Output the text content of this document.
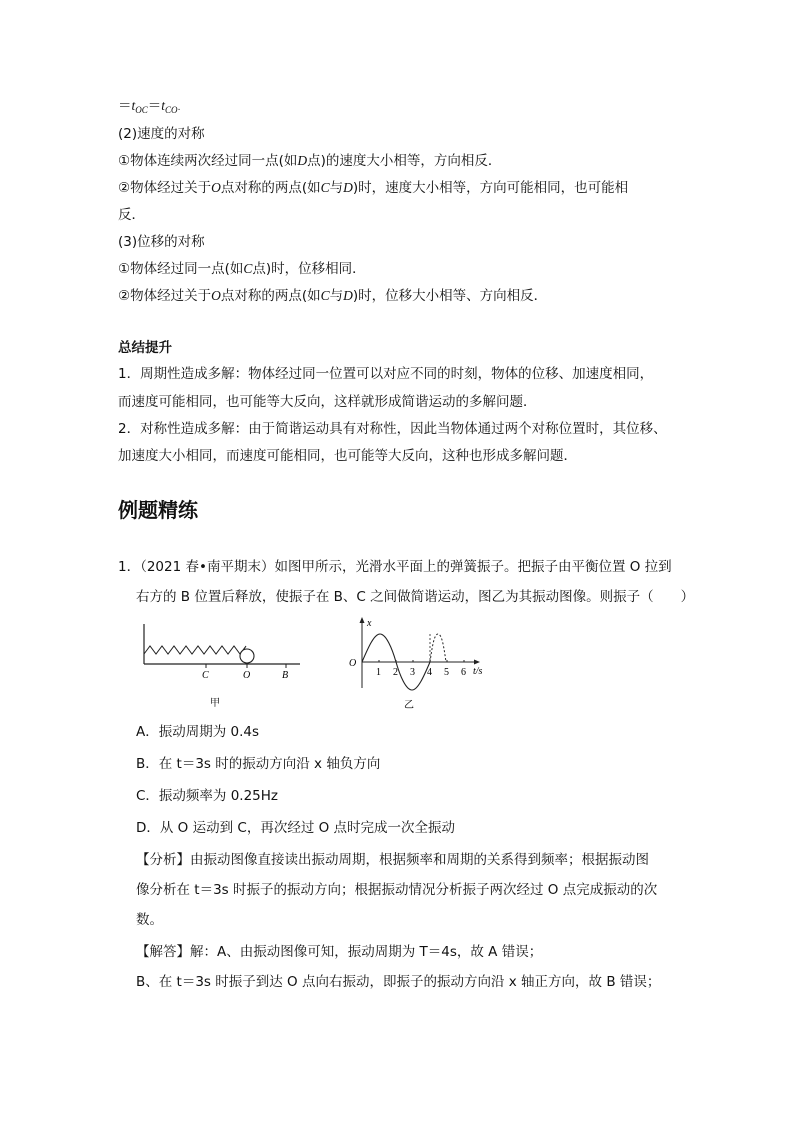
$=t_{OC}=t_{CO}$.
(2)速度的对称
①物体连续两次经过同一点(如D点)的速度大小相等，方向相反．
②物体经过关于O点对称的两点(如C与D)时，速度大小相等，方向可能相同，也可能相
反．
(3)位移的对称
①物体经过同一点(如C点)时，位移相同．
②物体经过关于O点对称的两点(如C与D)时，位移大小相等、方向相反．
总结提升
1．周期性造成多解：物体经过同一位置可以对应不同的时刻，物体的位移、加速度相同，
而速度可能相同，也可能等大反向，这样就形成简谐运动的多解问题．
2．对称性造成多解：由于简谐运动具有对称性，因此当物体通过两个对称位置时，其位移、
加速度大小相同，而速度可能相同，也可能等大反向，这种也形成多解问题．
例题精练
1．（2021 春•南平期末）如图甲所示，光滑水平面上的弹簧振子。把振子由平衡位置 O 拉到
右方的 B 位置后释放，使振子在 B、C 之间做简谐运动，图乙为其振动图像。则振子（　　）
C	O	B
甲
x
O
1 2 3 4 5 6 t/s
乙
A．振动周期为 0.4s
B．在 t＝3s 时的振动方向沿 x 轴负方向
C．振动频率为 0.25Hz
D．从 O 运动到 C，再次经过 O 点时完成一次全振动
【分析】由振动图像直接读出振动周期，根据频率和周期的关系得到频率；根据振动图
像分析在 t＝3s 时振子的振动方向；根据振动情况分析振子两次经过 O 点完成振动的次
数。
【解答】解：A、由振动图像可知，振动周期为 T＝4s，故 A 错误；
B、在 t＝3s 时振子到达 O 点向右振动，即振子的振动方向沿 x 轴正方向，故 B 错误；
